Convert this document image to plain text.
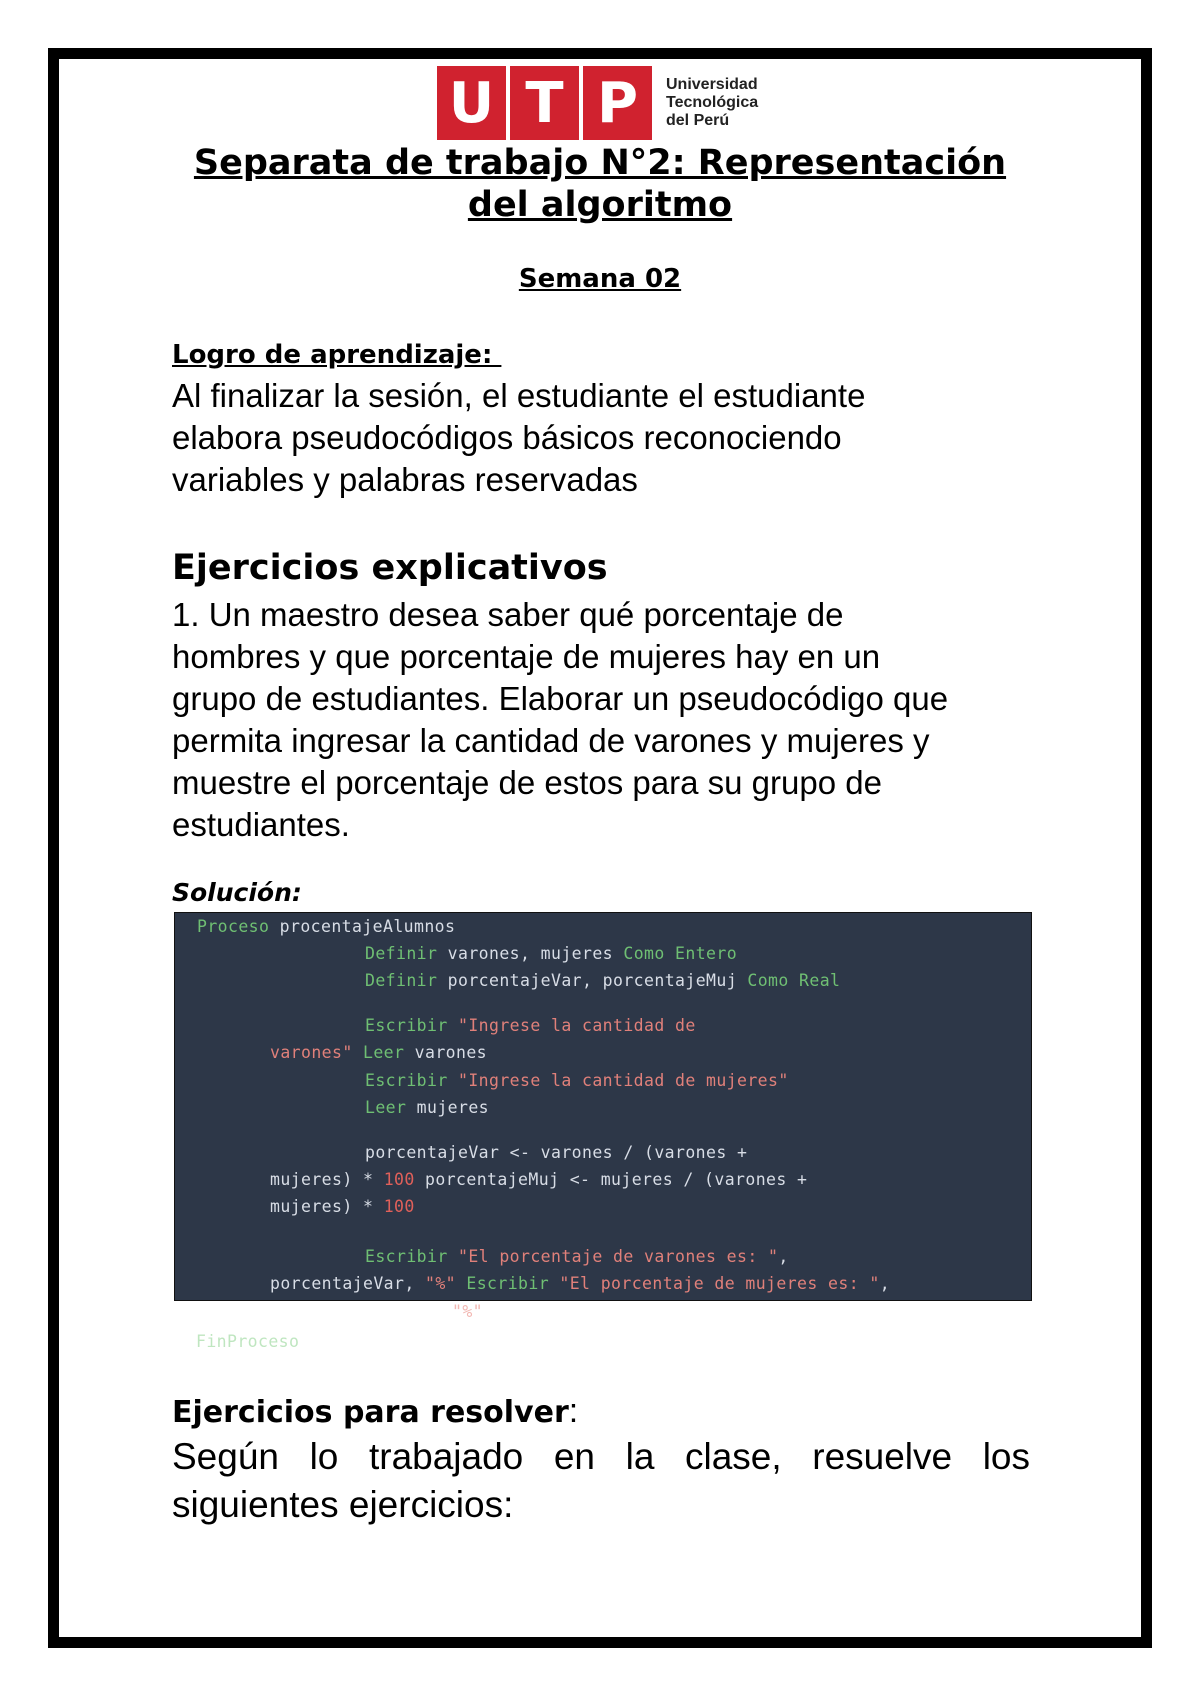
U T P	Universidad
Tecnológica
del Perú
Separata de trabajo N°2: Representación
del algoritmo
Semana 02
Logro de aprendizaje:
Al finalizar la sesión, el estudiante el estudiante
elabora pseudocódigos básicos reconociendo
variables y palabras reservadas
Ejercicios explicativos
1. Un maestro desea saber qué porcentaje de
hombres y que porcentaje de mujeres hay en un
grupo de estudiantes. Elaborar un pseudocódigo que
permita ingresar la cantidad de varones y mujeres y
muestre el porcentaje de estos para su grupo de
estudiantes.
Solución:
Proceso procentajeAlumnos
Definir varones, mujeres Como Entero
Definir porcentajeVar, porcentajeMuj Como Real
Escribir "Ingrese la cantidad de
varones" Leer varones
Escribir "Ingrese la cantidad de mujeres"
Leer mujeres
porcentajeVar <- varones / (varones +
mujeres) * 100 porcentajeMuj <- mujeres / (varones +
mujeres) * 100
Escribir "El porcentaje de varones es: ",
porcentajeVar, "%" Escribir "El porcentaje de mujeres es: ",
"%"
FinProceso
Ejercicios para resolver:
Según lo trabajado en la clase, resuelve los siguientes ejercicios:
